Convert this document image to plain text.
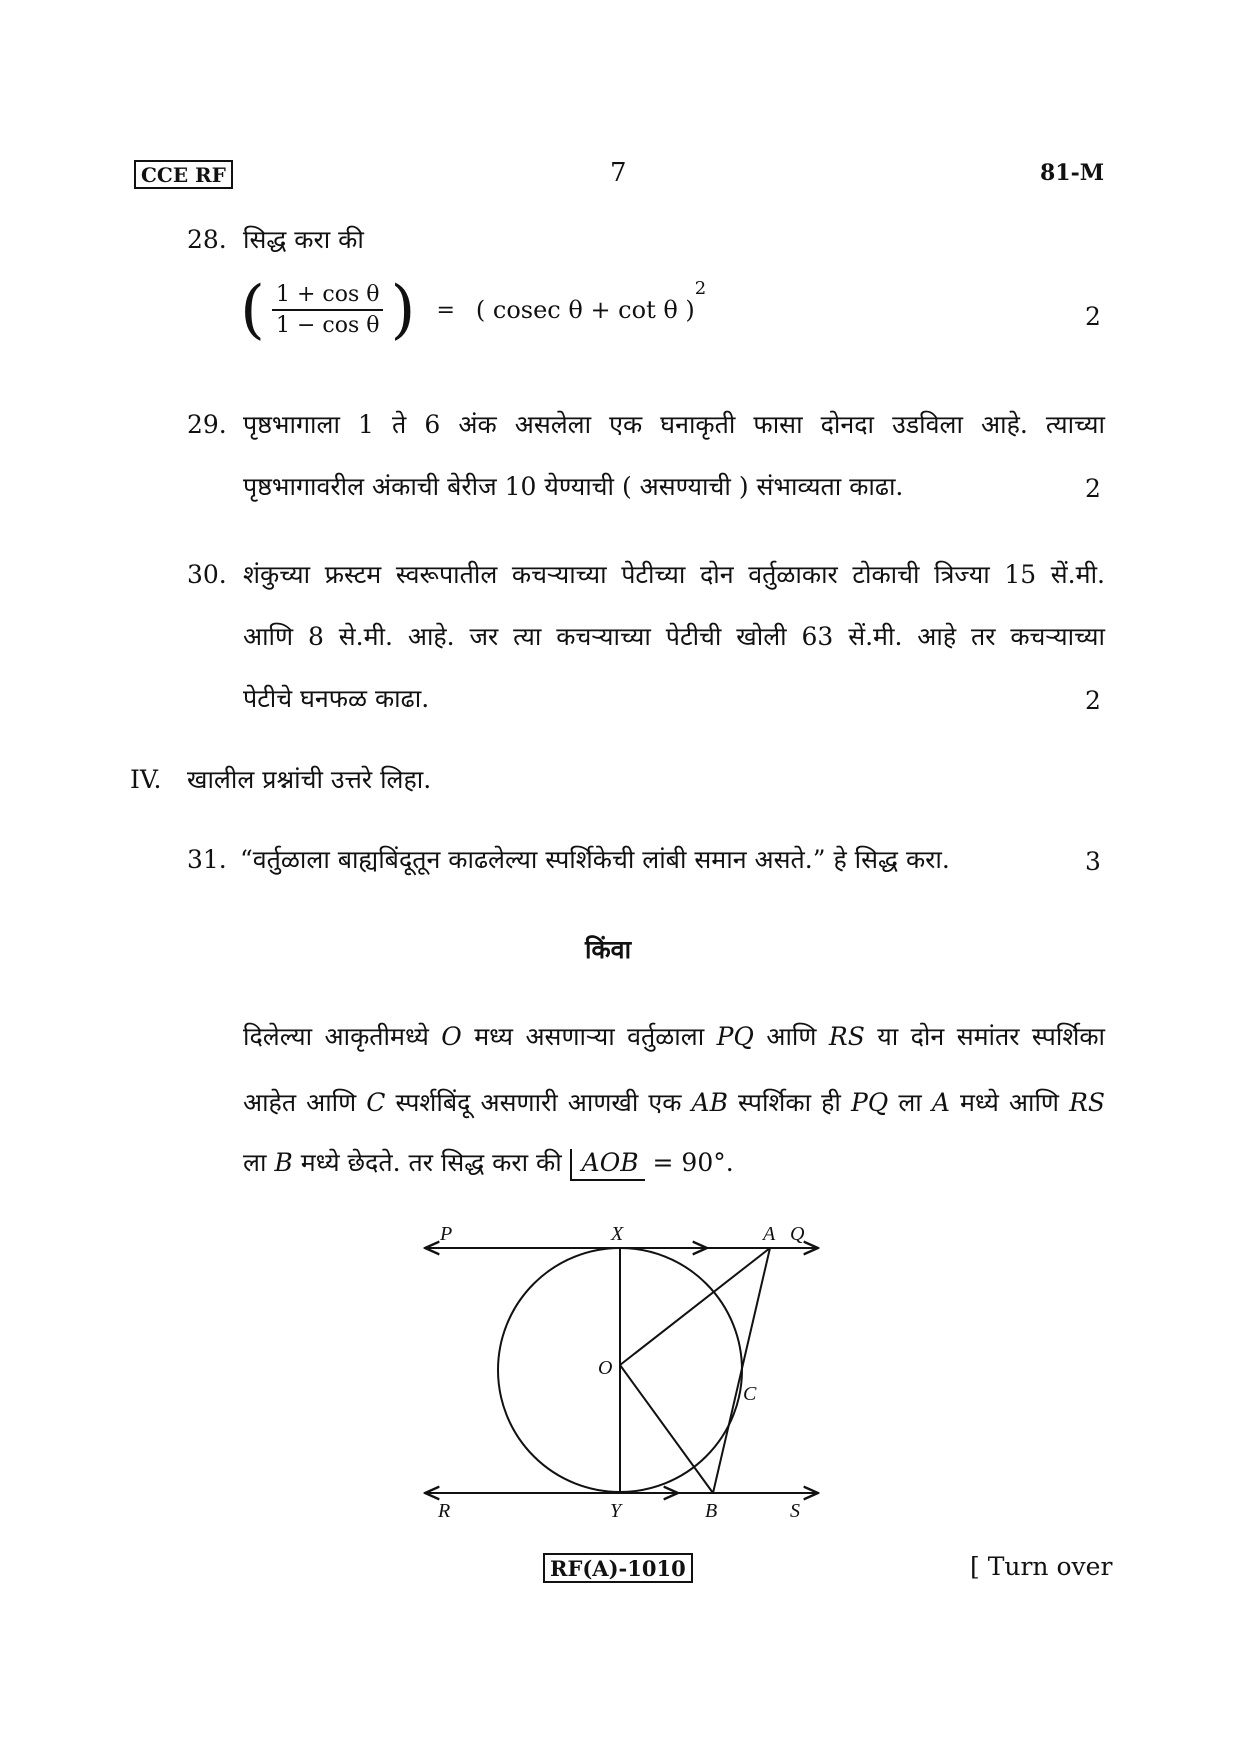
CCE RF	7	81-M
28. सिद्ध करा की
( $\frac{\text{1 + cos θ}}{\text{1 − cos θ}}$ ) = ( cosec θ + cot θ )$^2$
2
29. पृष्ठभागाला 1 ते 6 अंक असलेला एक घनाकृती फासा दोनदा उडविला आहे. त्याच्या
पृष्ठभागावरील अंकाची बेरीज 10 येण्याची ( असण्याची ) संभाव्यता काढा.	2
30. शंकुच्या फ्रस्टम स्वरूपातील कचऱ्याच्या पेटीच्या दोन वर्तुळाकार टोकाची त्रिज्या 15 सें.मी.
आणि 8 से.मी. आहे. जर त्या कचऱ्याच्या पेटीची खोली 63 सें.मी. आहे तर कचऱ्याच्या
पेटीचे घनफळ काढा.	2
IV. खालील प्रश्नांची उत्तरे लिहा.
31. “वर्तुळाला बाह्यबिंदूतून काढलेल्या स्पर्शिकेची लांबी समान असते.” हे सिद्ध करा.	3
किंवा
दिलेल्या आकृतीमध्ये O मध्य असणाऱ्या वर्तुळाला PQ आणि RS या दोन समांतर स्पर्शिका
आहेत आणि C स्पर्शबिंदू असणारी आणखी एक AB स्पर्शिका ही PQ ला A मध्ये आणि RS
ला B मध्ये छेदते. तर सिद्ध करा की AOB = 90°.
P	X	A Q
O
C
R	Y	B	S
RF(A)-1010	[ Turn over
